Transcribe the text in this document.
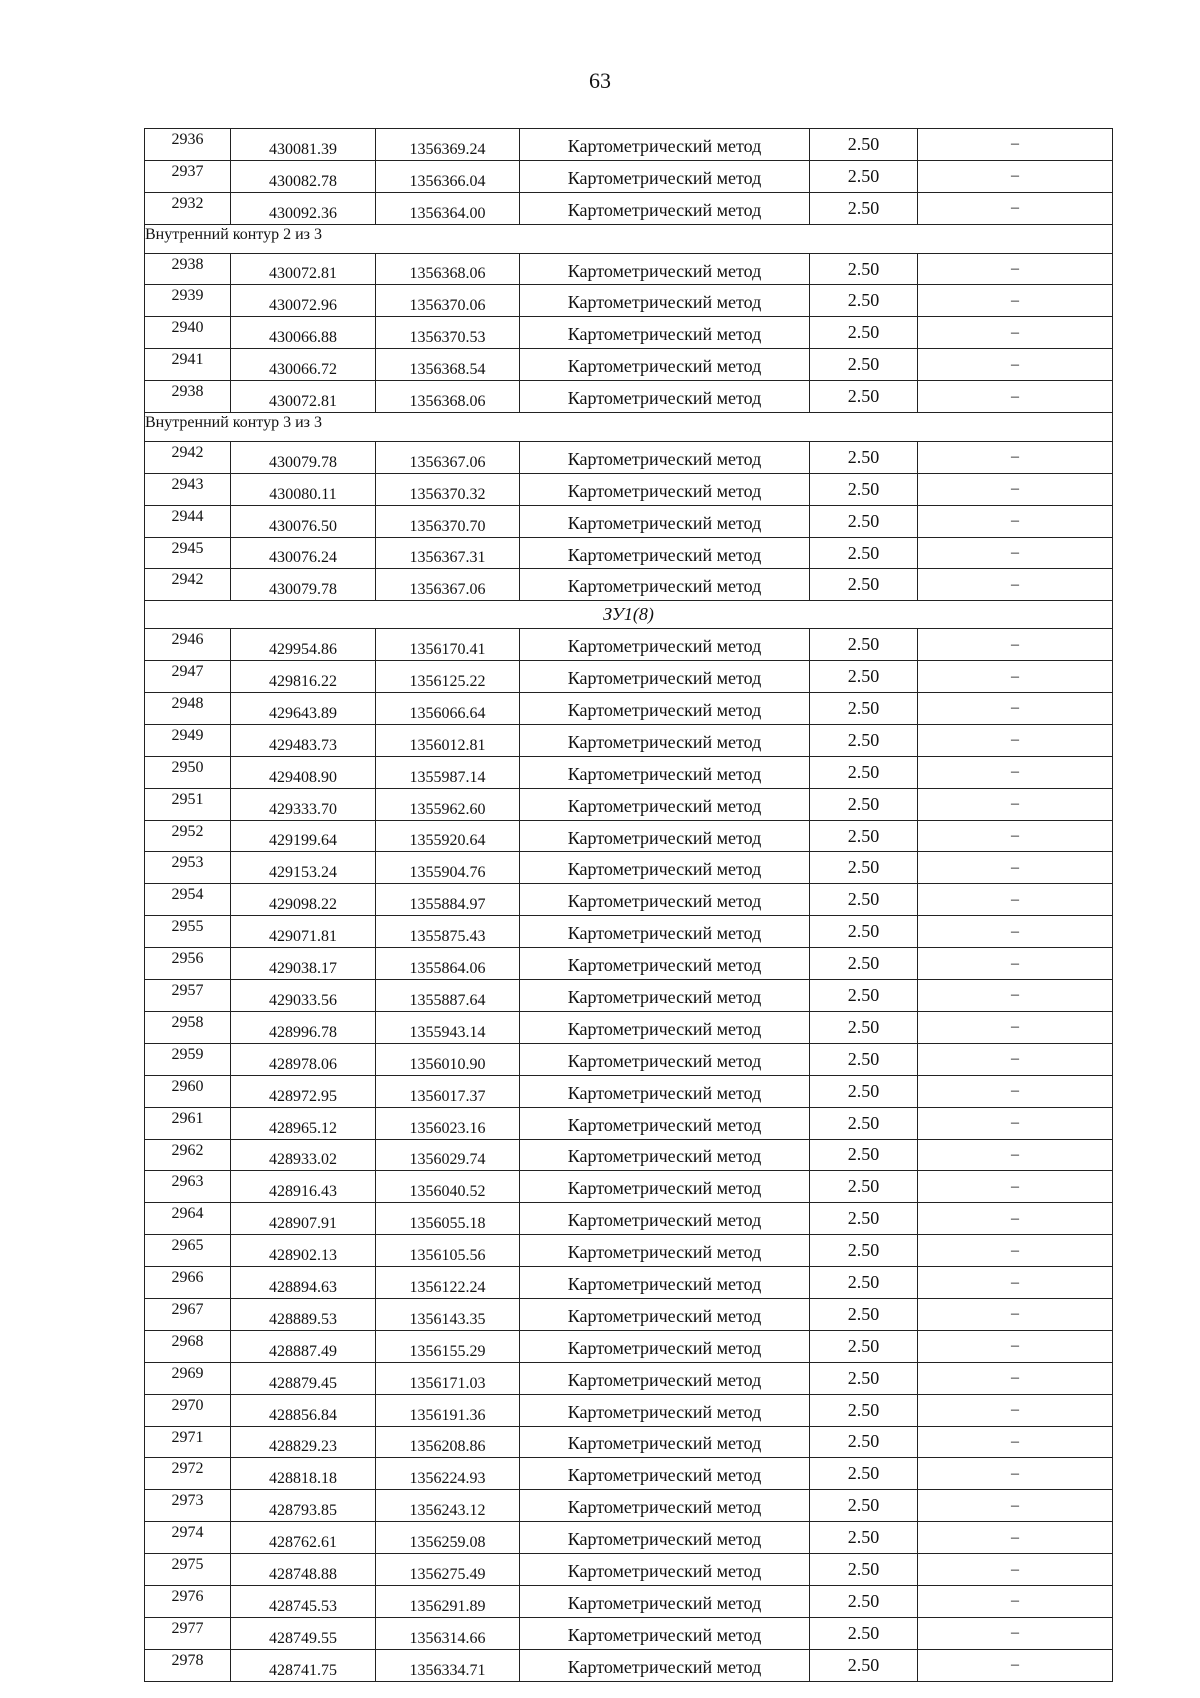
63
2936	430081.39	1356369.24	Картометрический метод	2.50	–
2937	430082.78	1356366.04	Картометрический метод	2.50	–
2932	430092.36	1356364.00	Картометрический метод	2.50	–
Внутренний контур 2 из 3					
2938	430072.81	1356368.06	Картометрический метод	2.50	–
2939	430072.96	1356370.06	Картометрический метод	2.50	–
2940	430066.88	1356370.53	Картометрический метод	2.50	–
2941	430066.72	1356368.54	Картометрический метод	2.50	–
2938	430072.81	1356368.06	Картометрический метод	2.50	–
Внутренний контур 3 из 3					
2942	430079.78	1356367.06	Картометрический метод	2.50	–
2943	430080.11	1356370.32	Картометрический метод	2.50	–
2944	430076.50	1356370.70	Картометрический метод	2.50	–
2945	430076.24	1356367.31	Картометрический метод	2.50	–
2942	430079.78	1356367.06	Картометрический метод	2.50	–
ЗУ1(8)					
2946	429954.86	1356170.41	Картометрический метод	2.50	–
2947	429816.22	1356125.22	Картометрический метод	2.50	–
2948	429643.89	1356066.64	Картометрический метод	2.50	–
2949	429483.73	1356012.81	Картометрический метод	2.50	–
2950	429408.90	1355987.14	Картометрический метод	2.50	–
2951	429333.70	1355962.60	Картометрический метод	2.50	–
2952	429199.64	1355920.64	Картометрический метод	2.50	–
2953	429153.24	1355904.76	Картометрический метод	2.50	–
2954	429098.22	1355884.97	Картометрический метод	2.50	–
2955	429071.81	1355875.43	Картометрический метод	2.50	–
2956	429038.17	1355864.06	Картометрический метод	2.50	–
2957	429033.56	1355887.64	Картометрический метод	2.50	–
2958	428996.78	1355943.14	Картометрический метод	2.50	–
2959	428978.06	1356010.90	Картометрический метод	2.50	–
2960	428972.95	1356017.37	Картометрический метод	2.50	–
2961	428965.12	1356023.16	Картометрический метод	2.50	–
2962	428933.02	1356029.74	Картометрический метод	2.50	–
2963	428916.43	1356040.52	Картометрический метод	2.50	–
2964	428907.91	1356055.18	Картометрический метод	2.50	–
2965	428902.13	1356105.56	Картометрический метод	2.50	–
2966	428894.63	1356122.24	Картометрический метод	2.50	–
2967	428889.53	1356143.35	Картометрический метод	2.50	–
2968	428887.49	1356155.29	Картометрический метод	2.50	–
2969	428879.45	1356171.03	Картометрический метод	2.50	–
2970	428856.84	1356191.36	Картометрический метод	2.50	–
2971	428829.23	1356208.86	Картометрический метод	2.50	–
2972	428818.18	1356224.93	Картометрический метод	2.50	–
2973	428793.85	1356243.12	Картометрический метод	2.50	–
2974	428762.61	1356259.08	Картометрический метод	2.50	–
2975	428748.88	1356275.49	Картометрический метод	2.50	–
2976	428745.53	1356291.89	Картометрический метод	2.50	–
2977	428749.55	1356314.66	Картометрический метод	2.50	–
2978	428741.75	1356334.71	Картометрический метод	2.50	–
